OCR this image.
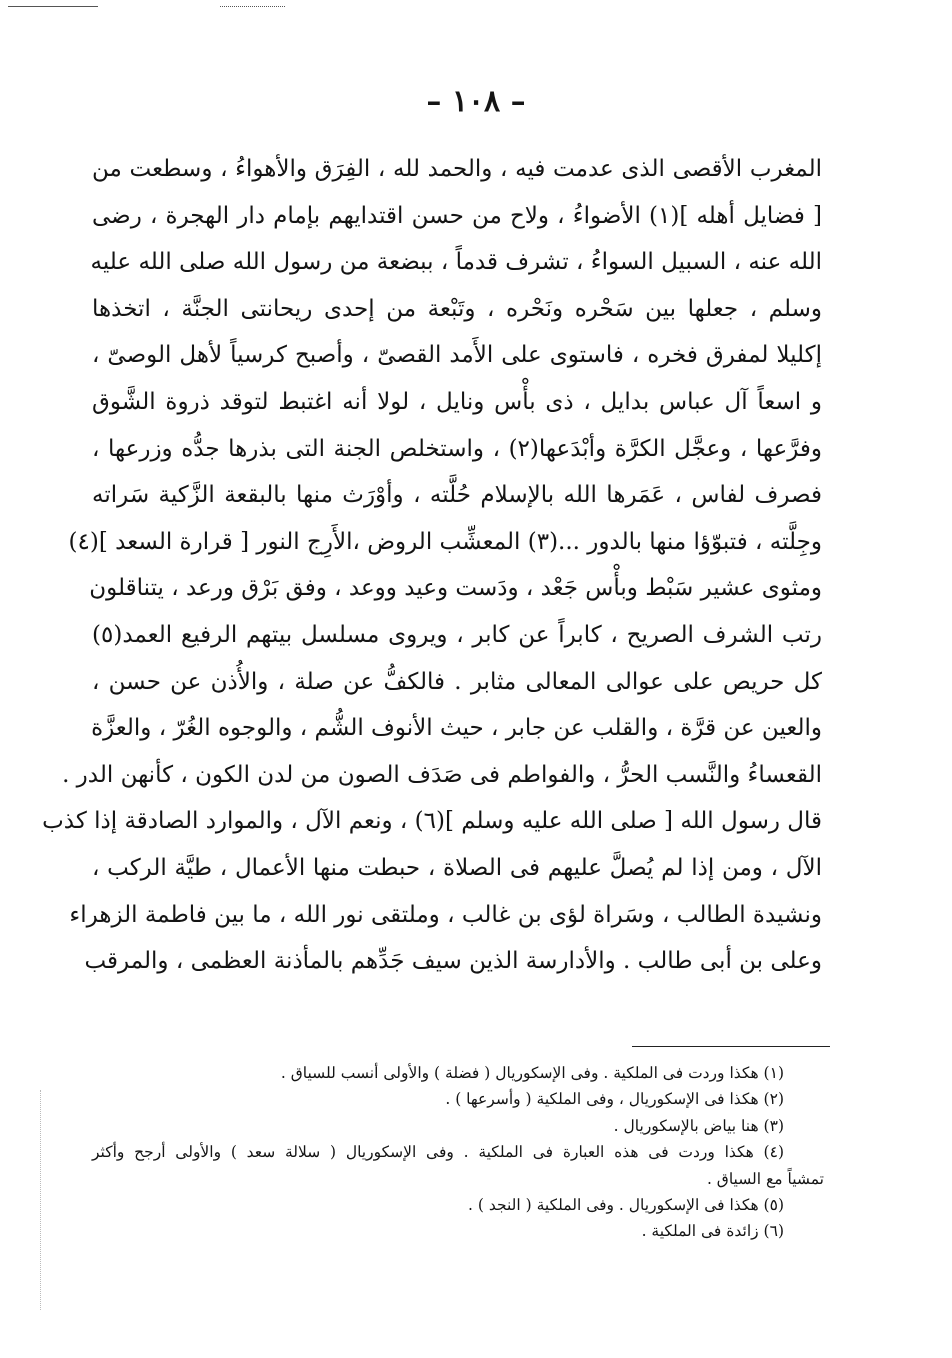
– ١٠٨ –
المغرب الأقصى الذى عدمت فيه ، والحمد لله ، الفِرَق والأهواءُ ، وسطعت من
[ فضايل أهله ](١) الأضواءُ ، ولاح من حسن اقتدايهم بإمام دار الهجرة ، رضى
الله عنه ، السبيل السواءُ ، تشرف قدماً ، ببضعة من رسول الله صلى الله عليه
وسلم ، جعلها بين سَحْره ونَحْره ، وتَبْعة من إحدى ريحانتى الجنَّة ، اتخذها
إكليلا لمفرق فخره ، فاستوى على الأَمد القصىّ ، وأصبح كرسياً لأهل الوصىّ ،
و اسعاً آل عباس بدايل ، ذى بأْس ونايل ، لولا أنه اغتبط لتوقد ذروة الشَّوق
وفرَّعها ، وعجَّل الكرَّة وأبْدَعها(٢) ، واستخلص الجنة التى بذرها جدُّه وزرعها ،
فصرف لفاس ، عَمَرها الله بالإسلام حُلَّته ، وأوْرَث منها بالبقعة الزَّكية سَراته
وجِلَّته ، فتبوّؤا منها بالدور ...(٣) المعشِّب الروض ،الأَرِج النور [ قرارة السعد ](٤)
ومثوى عشير سَبْط وبأْس جَعْد ، ودَست وعيد ووعد ، وفق بَرْق ورعد ، يتناقلون
رتب الشرف الصريح ، كابراً عن كابر ، ويروى مسلسل بيتهم الرفيع العمد(٥)
كل حريص على عوالى المعالى مثابر . فالكفُّ عن صلة ، والأُذن عن حسن ،
والعين عن قرَّة ، والقلب عن جابر ، حيث الأنوف الشُّم ، والوجوه الغُرّ ، والعزَّة
القعساءُ والنَّسب الحرُّ ، والفواطم فى صَدَف الصون من لدن الكون ، كأنهن الدر .
قال رسول الله [ صلى الله عليه وسلم ](٦) ، ونعم الآل ، والموارد الصادقة إذا كذب
الآل ، ومن إذا لم يُصلَّ عليهم فى الصلاة ، حبطت منها الأعمال ، طيَّة الركب ،
ونشيدة الطالب ، وسَراة لؤى بن غالب ، وملتقى نور الله ، ما بين فاطمة الزهراء
وعلى بن أبى طالب . والأدارسة الذين سيف جَدِّهم بالمأذنة العظمى ، والمرقب
(١) هكذا وردت فى الملكية . وفى الإسكوريال ( فضلة ) والأولى أنسب للسياق .
(٢) هكذا فى الإسكوريال ، وفى الملكية ( وأسرعها ) .
(٣) هنا بياض بالإسكوريال .
(٤) هكذا وردت فى هذه العبارة فى الملكية . وفى الإسكوريال ( سلالة سعد ) والأولى أرجح وأكثر
تمشياً مع السياق .
(٥) هكذا فى الإسكوريال . وفى الملكية ( النجد ) .
(٦) زائدة فى الملكية .
